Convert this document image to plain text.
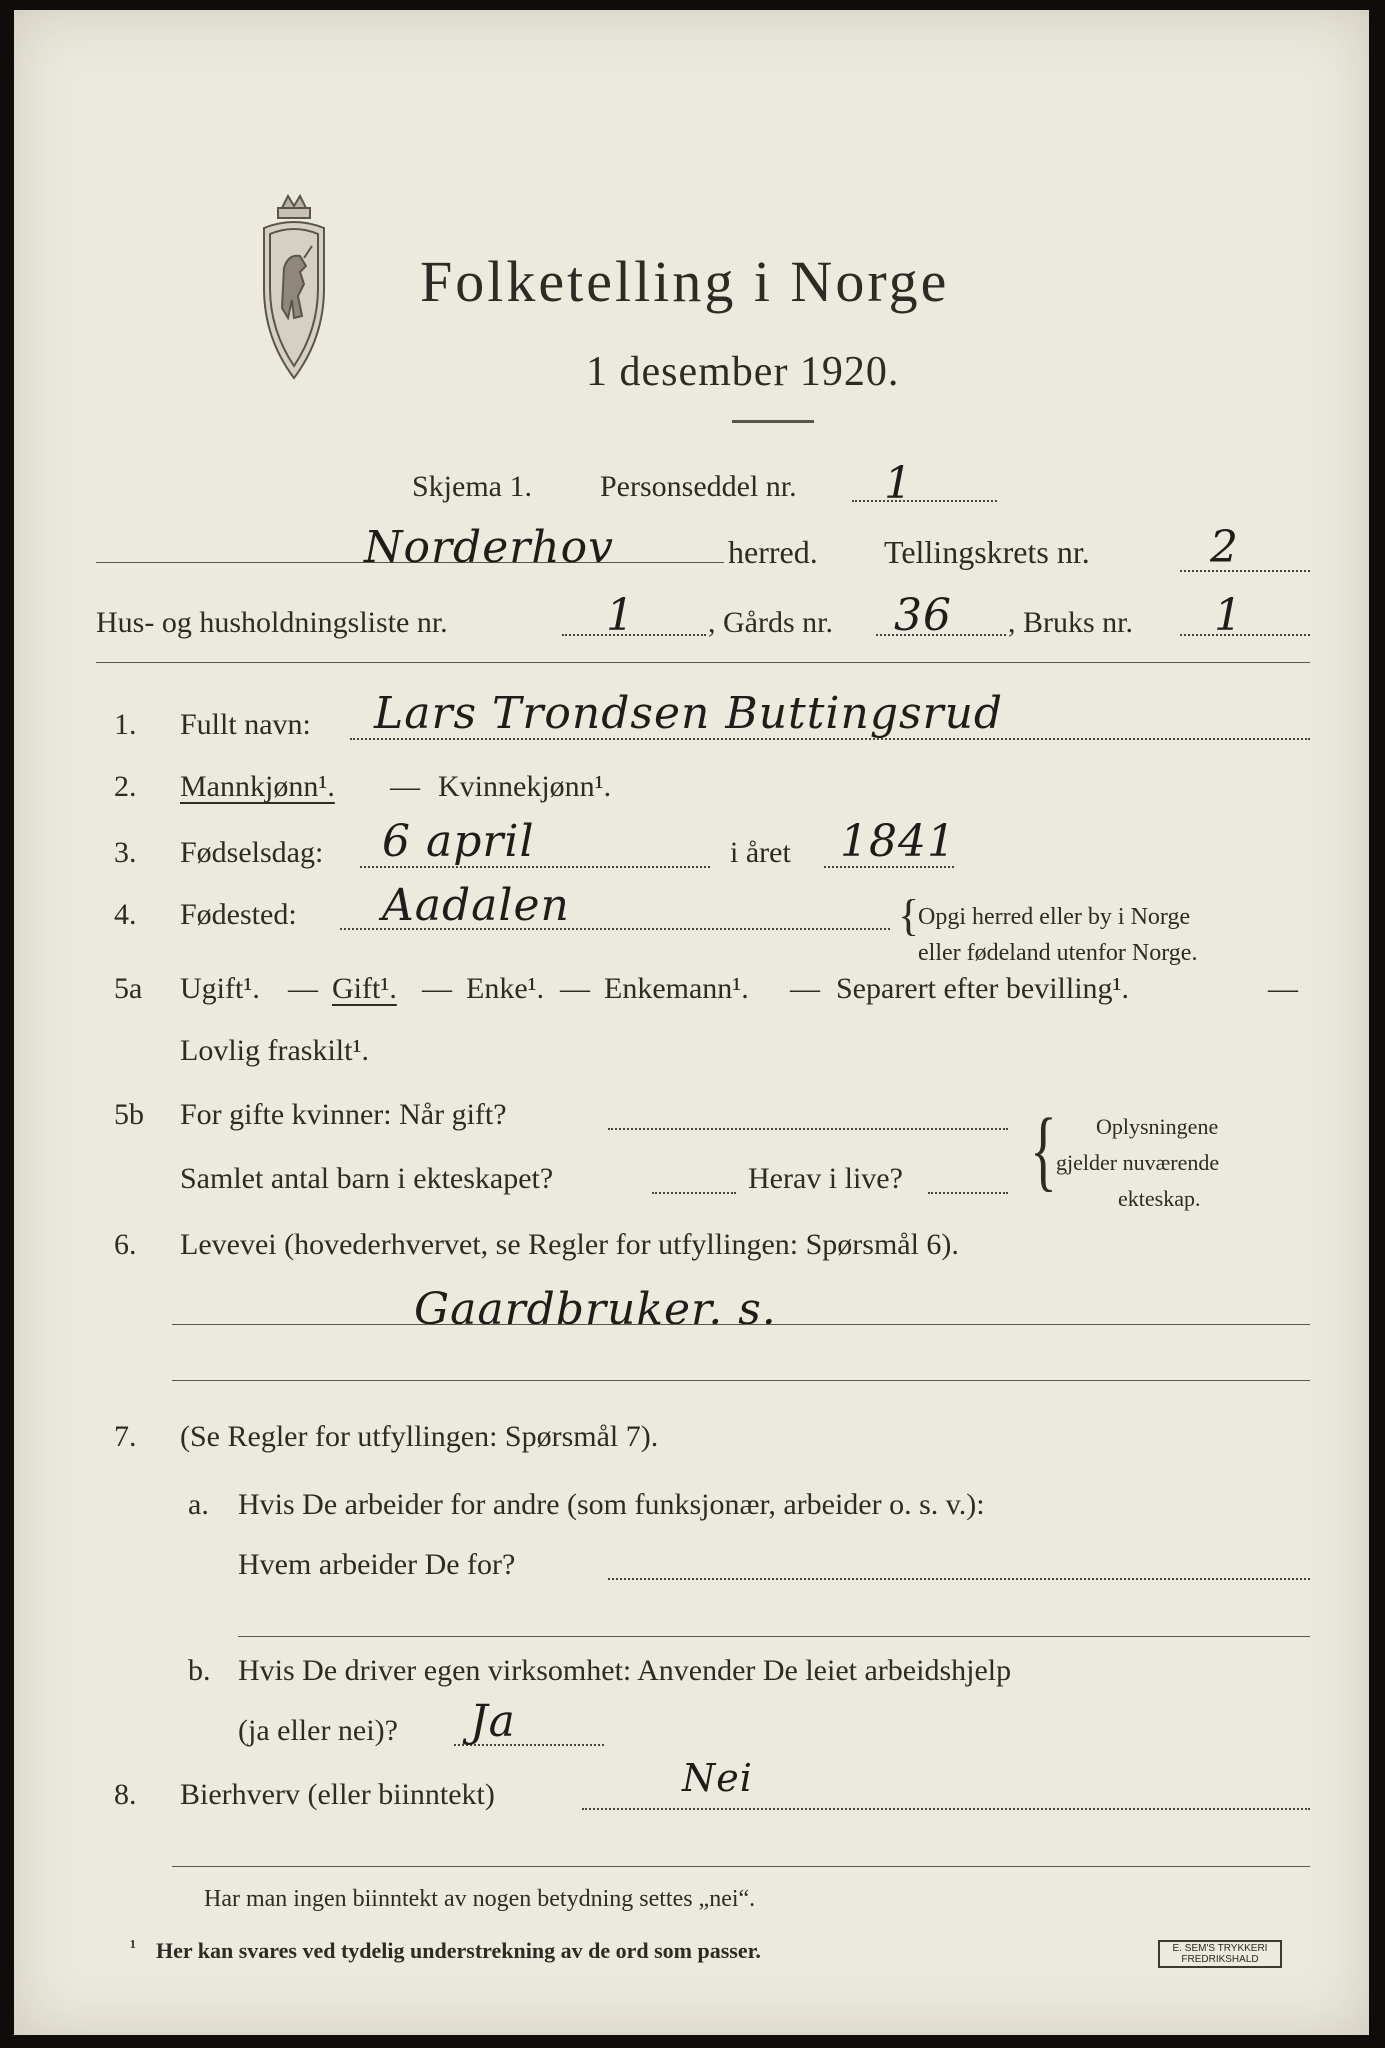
Folketelling i Norge
1 desember 1920.
Skjema 1. Personseddel nr. 1
Norderhov	herred. Tellingskrets nr.	2
Hus- og husholdningsliste nr.	1 , Gårds nr. 36 , Bruks nr. 1
1. Fullt navn: Lars Trondsen Buttingsrud
2. Mannkjønn¹. — Kvinnekjønn¹.
3. Fødselsdag: 6 april	i året 1841
4. Fødested: Aadalen	{
Opgi herred eller by i Norge
eller fødeland utenfor Norge.
5a Ugift¹. — Gift¹. — Enke¹. — Enkemann¹. — Separert efter bevilling¹.	—
Lovlig fraskilt¹.
5b For gifte kvinner: Når gift?
Samlet antal barn i ekteskapet?	Herav i live? { Oplysningene
gjelder nuværende
ekteskap.
6. Levevei (hovederhvervet, se Regler for utfyllingen: Spørsmål 6).
Gaardbruker. s.
7. (Se Regler for utfyllingen: Spørsmål 7).
a. Hvis De arbeider for andre (som funksjonær, arbeider o. s. v.):
Hvem arbeider De for?
b. Hvis De driver egen virksomhet: Anvender De leiet arbeidshjelp
(ja eller nei)? Ja
8. Bierhverv (eller biinntekt)	Nei
Har man ingen biinntekt av nogen betydning settes „nei“.
¹ Her kan svares ved tydelig understrekning av de ord som passer.	E. SEM'S TRYKKERI
FREDRIKSHALD
